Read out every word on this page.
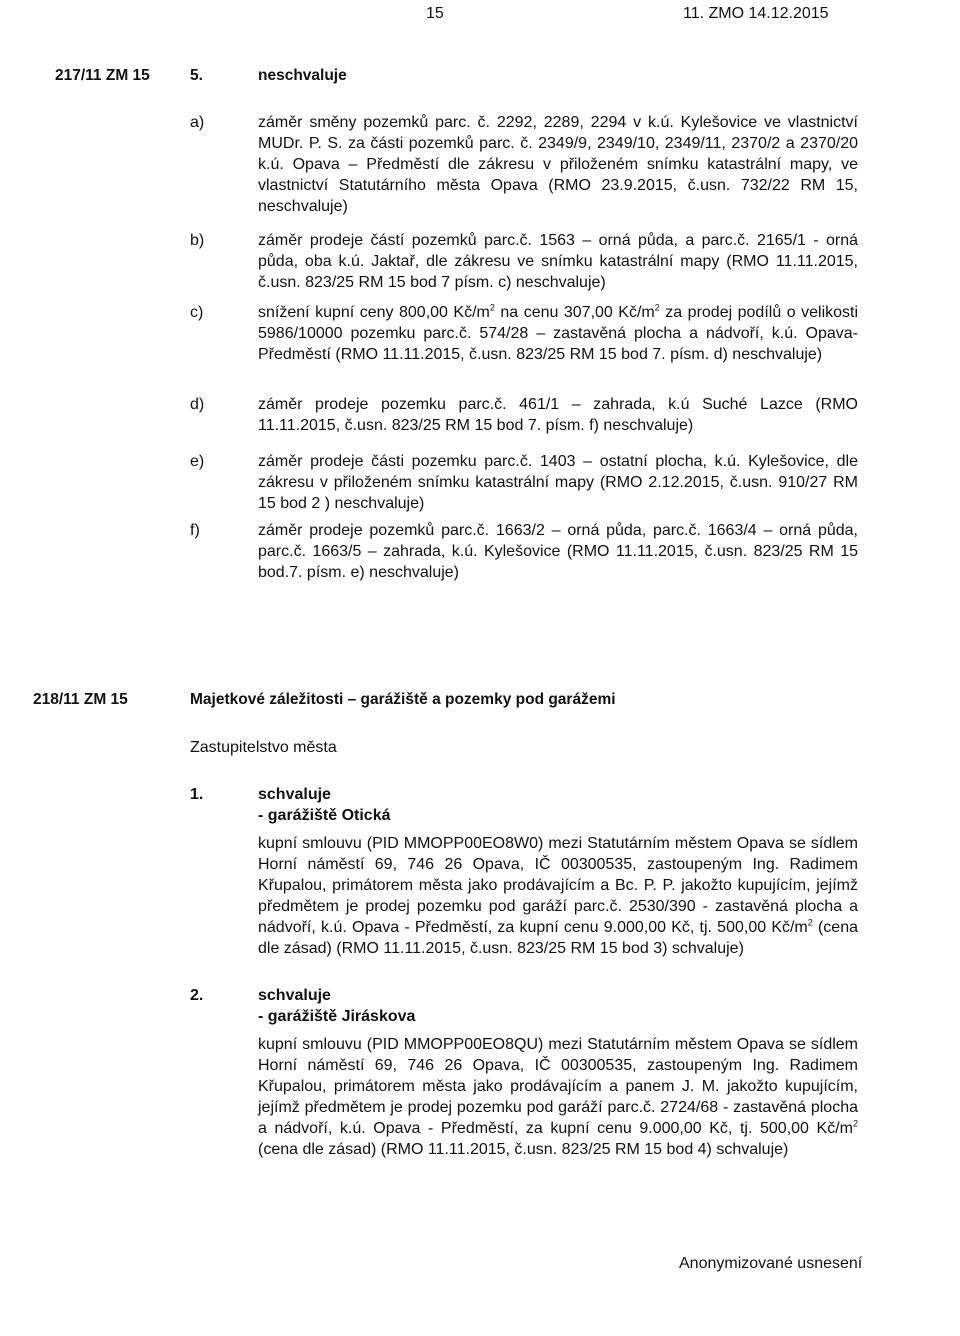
15	11. ZMO 14.12.2015
217/11 ZM 15	5.	neschvaluje
a)	záměr směny pozemků parc. č. 2292, 2289, 2294 v k.ú. Kylešovice ve vlastnictví MUDr. P. S. za části pozemků parc. č. 2349/9, 2349/10, 2349/11, 2370/2 a 2370/20 k.ú. Opava – Předměstí dle zákresu v přiloženém snímku katastrální mapy, ve vlastnictví Statutárního města Opava (RMO 23.9.2015, č.usn. 732/22 RM 15, neschvaluje)
b)	záměr prodeje částí pozemků parc.č. 1563 – orná půda, a parc.č. 2165/1 - orná půda, oba k.ú. Jaktař, dle zákresu ve snímku katastrální mapy (RMO 11.11.2015, č.usn. 823/25 RM 15 bod 7 písm. c) neschvaluje)
c)	snížení kupní ceny 800,00 $Kč/m^2$ na cenu 307,00 $Kč/m^2$ za prodej podílů o velikosti 5986/10000 pozemku parc.č. 574/28 – zastavěná plocha a nádvoří, k.ú. Opava-Předměstí (RMO 11.11.2015, č.usn. 823/25 RM 15 bod 7. písm. d) neschvaluje)
d)	záměr prodeje pozemku parc.č. 461/1 – zahrada, k.ú Suché Lazce (RMO 11.11.2015, č.usn. 823/25 RM 15 bod 7. písm. f) neschvaluje)
e)	záměr prodeje části pozemku parc.č. 1403 – ostatní plocha, k.ú. Kylešovice, dle zákresu v přiloženém snímku katastrální mapy (RMO 2.12.2015, č.usn. 910/27 RM 15 bod 2 ) neschvaluje)
f)	záměr prodeje pozemků parc.č. 1663/2 – orná půda, parc.č. 1663/4 – orná půda, parc.č. 1663/5 – zahrada, k.ú. Kylešovice (RMO 11.11.2015, č.usn. 823/25 RM 15 bod.7. písm. e) neschvaluje)
218/11 ZM 15	Majetkové záležitosti – garážiště a pozemky pod garážemi
Zastupitelstvo města
1.	schvaluje
- garážiště Otická
kupní smlouvu (PID MMOPP00EO8W0) mezi Statutárním městem Opava se sídlem Horní náměstí 69, 746 26 Opava, IČ 00300535, zastoupeným Ing. Radimem Křupalou, primátorem města jako prodávajícím a Bc. P. P. jakožto kupujícím, jejímž předmětem je prodej pozemku pod garáží parc.č. 2530/390 - zastavěná plocha a nádvoří, k.ú. Opava - Předměstí, za kupní cenu 9.000,00 Kč, tj. 500,00 $Kč/m^2$ (cena dle zásad) (RMO 11.11.2015, č.usn. 823/25 RM 15 bod 3) schvaluje)
2.	schvaluje
- garážiště Jiráskova
kupní smlouvu (PID MMOPP00EO8QU) mezi Statutárním městem Opava se sídlem Horní náměstí 69, 746 26 Opava, IČ 00300535, zastoupeným Ing. Radimem Křupalou, primátorem města jako prodávajícím a panem J. M. jakožto kupujícím, jejímž předmětem je prodej pozemku pod garáží parc.č. 2724/68 - zastavěná plocha a nádvoří, k.ú. Opava - Předměstí, za kupní cenu 9.000,00 Kč, tj. 500,00 $Kč/m^2$ (cena dle zásad) (RMO 11.11.2015, č.usn. 823/25 RM 15 bod 4) schvaluje)
Anonymizované usnesení
